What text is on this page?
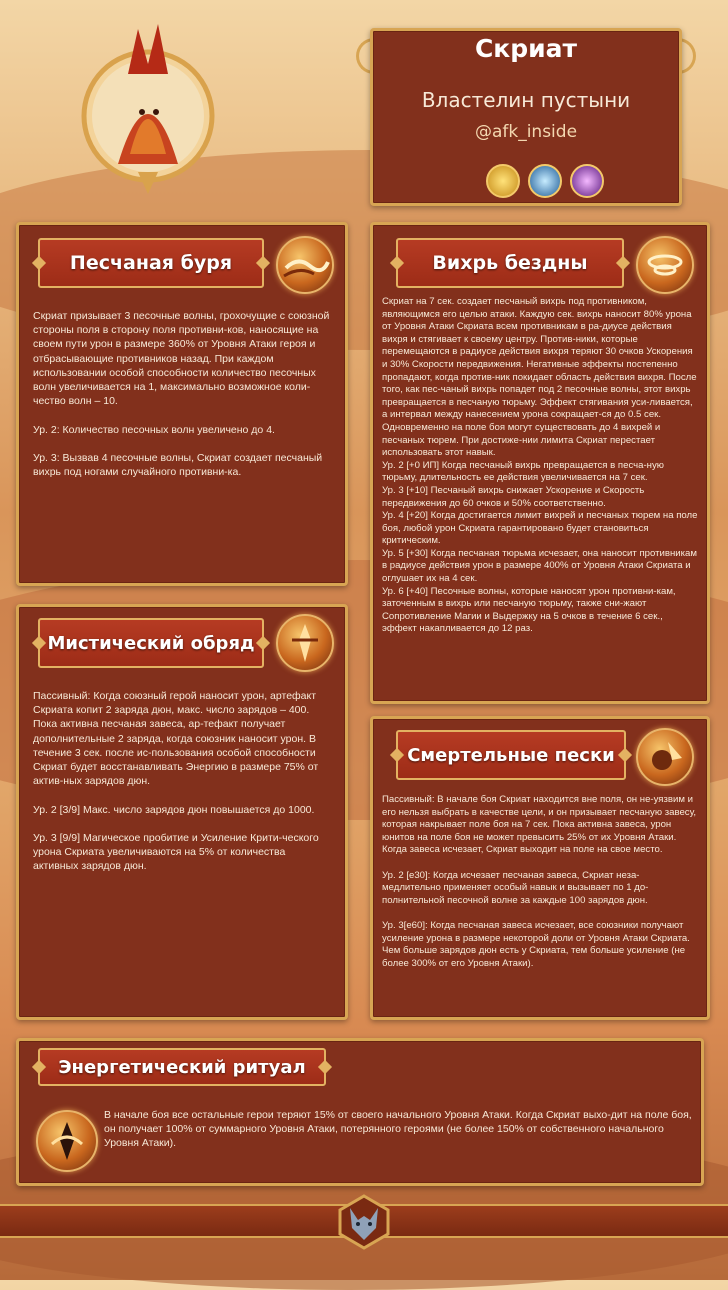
Скриат
Властелин пустыни
@afk_inside
Песчаная буря
Скриат призывает 3 песочные волны, грохочущие с союзной стороны поля в сторону поля противни-ков, наносящие на своем пути урон в размере 360% от Уровня Атаки героя и отбрасывающие противников назад. При каждом использовании особой способности количество песочных волн увеличивается на 1, максимально возможное коли-чество волн – 10.

Ур. 2: Количество песочных волн увеличено до 4.

Ур. 3: Вызвав 4 песочные волны, Скриат создает песчаный вихрь под ногами случайного противни-ка.
Вихрь бездны
Скриат на 7 сек. создает песчаный вихрь под противником, являющимся его целью атаки. Каждую сек. вихрь наносит 80% урона от Уровня Атаки Скриата всем противникам в ра-диусе действия вихря и стягивает к своему центру. Против-ники, которые перемещаются в радиусе действия вихря теряют 30 очков Ускорения и 30% Скорости передвижения. Негативные эффекты постепенно пропадают, когда против-ник покидает область действия вихря. После того, как пес-чаный вихрь попадет под 2 песочные волны, этот вихрь превращается в песчаную тюрьму. Эффект стягивания уси-ливается, а интервал между нанесением урона сокращает-ся до 0.5 сек. Одновременно на поле боя могут существовать до 4 вихрей и песчаных тюрем. При достиже-нии лимита Скриат перестает использовать этот навык.
Ур. 2 [+0 ИП] Когда песчаный вихрь превращается в песча-ную тюрьму, длительность ее действия увеличивается на 7 сек.
Ур. 3 [+10] Песчаный вихрь снижает Ускорение и Скорость передвижения до 60 очков и 50% соответственно.
Ур. 4 [+20] Когда достигается лимит вихрей и песчаных тюрем на поле боя, любой урон Скриата гарантировано будет становиться критическим.
Ур. 5 [+30] Когда песчаная тюрьма исчезает, она наносит противникам в радиусе действия урон в размере 400% от Уровня Атаки Скриата и оглушает их на 4 сек.
Ур. 6 [+40] Песочные волны, которые наносят урон противни-кам, заточенным в вихрь или песчаную тюрьму, также сни-жают Сопротивление Магии и Выдержку на 5 очков в течение 6 сек., эффект накапливается до 12 раз.
Мистический обряд
Пассивный: Когда союзный герой наносит урон, артефакт Скриата копит 2 заряда дюн, макс. число зарядов – 400. Пока активна песчаная завеса, ар-тефакт получает дополнительные 2 заряда, когда союзник наносит урон. В течение 3 сек. после ис-пользования особой способности Скриат будет восстанавливать Энергию в размере 75% от актив-ных зарядов дюн.

Ур. 2 [3/9] Макс. число зарядов дюн повышается до 1000.

Ур. 3 [9/9] Магическое пробитие и Усиление Крити-ческого урона Скриата увеличиваются на 5% от количества активных зарядов дюн.
Смертельные пески
Пассивный: В начале боя Скриат находится вне поля, он не-уязвим и его нельзя выбрать в качестве цели, и он призывает песчаную завесу, которая накрывает поле боя на 7 сек. Пока активна завеса, урон юнитов на поле боя не может превысить 25% от их Уровня Атаки. Когда завеса исчезает, Скриат выходит на поле на свое место.

Ур. 2 [е30]: Когда исчезает песчаная завеса, Скриат неза-медлительно применяет особый навык и вызывает по 1 до-полнительной песочной волне за каждые 100 зарядов дюн.

Ур. 3[е60]: Когда песчаная завеса исчезает, все союзники получают усиление урона в размере некоторой доли от Уровня Атаки Скриата. Чем больше зарядов дюн есть у Скриата, тем больше усиление (не более 300% от его Уровня Атаки).
Энергетический ритуал
В начале боя все остальные герои теряют 15% от своего начального Уровня Атаки. Когда Скриат выхо-дит на поле боя, он получает 100% от суммарного Уровня Атаки, потерянного героями (не более 150% от собственного начального Уровня Атаки).
